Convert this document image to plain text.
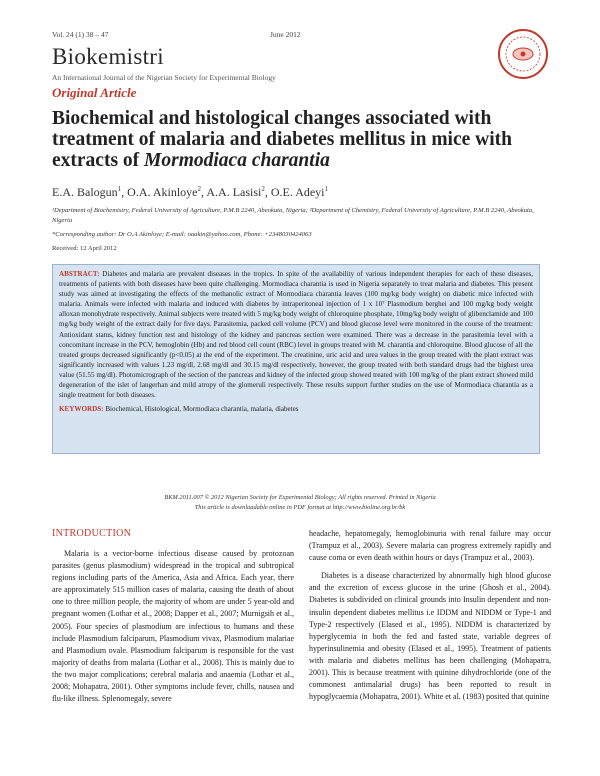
Vol. 24 (1) 38 – 47	June 2012
Biokemistri
An International Journal of the Nigerian Society for Experimental Biology
Original Article
Biochemical and histological changes associated with treatment of malaria and diabetes mellitus in mice with extracts of Mormodiaca charantia
E.A. Balogun$^1$, O.A. Akinloye$^2$, A.A. Lasisi$^2$, O.E. Adeyi$^1$
¹Department of Biochemistry, Federal University of Agriculture, P.M.B 2240, Abeokuta, Nigeria; ²Department of Chemistry, Federal University of Agriculture, P.M.B 2240, Abeokuta, Nigeria
*Corresponding author: Dr O.A Akinloye; E-mail: oaakin@yahoo.com, Phone: +2348030424063
Received: 12 April 2012
ABSTRACT: Diabetes and malaria are prevalent diseases in the tropics. In spite of the availability of various independent therapies for each of these diseases, treatments of patients with both diseases have been quite challenging. Mormodiaca charantia is used in Nigeria separately to treat malaria and diabetes. This present study was aimed at investigating the effects of the methanolic extract of Mormodiaca charantia leaves (100 mg/kg body weight) on diabetic mice infected with malaria. Animals were infected with malaria and induced with diabetes by intraperitoneal injection of 1 x 10⁷ Plasmodium berghei and 100 mg/kg body weight alloxan monohydrate respectively. Animal subjects were treated with 5 mg/kg body weight of chloroquine phosphate, 10mg/kg body weight of glibenclamide and 100 mg/kg body weight of the extract daily for five days. Parasitemia, packed cell volume (PCV) and blood glucose level were monitored in the course of the treatment: Antioxidant status, kidney function test and histology of the kidney and pancreas section were examined. There was a decrease in the parasitemia level with a concomitant increase in the PCV, hemoglobin (Hb) and red blood cell count (RBC) level in groups treated with M. charantia and chloroquine. Blood glucose of all the treated groups decreased significantly (p<0.05) at the end of the experiment. The creatinine, uric acid and urea values in the group treated with the plant extract was significantly increased with values 1.23 mg/dl, 2.68 mg/dl and 30.15 mg/dl respectively, however, the group treated with both standard drugs had the highest urea value (51.55 mg/dl). Photomicrograph of the section of the pancreas and kidney of the infected group showed treated with 100 mg/kg of the plant extract showed mild degeneration of the islet of langerhan and mild atropy of the glomeruli respectively. These results support further studies on the use of Mormodiaca charantia as a single treatment for both diseases.
KEYWORDS: Biochemical, Histological, Mormodiaca charantia, malaria, diabetes
BKM.2011.007 © 2012 Nigerian Society for Experimental Biology; All rights reserved. Printed in Nigeria
This article is downloadable online in PDF format at http://www.bioline.org.br/bk
INTRODUCTION
Malaria is a vector-borne infectious disease caused by protozoan parasites (genus plasmodium) widespread in the tropical and subtropical regions including parts of the America, Asia and Africa. Each year, there are approximately 515 million cases of malaria, causing the death of about one to three million people, the majority of whom are under 5 year-old and pregnant women (Lothar et al., 2008; Dapper et al., 2007; Murnigsih et al., 2005). Four species of plasmodium are infectious to humans and these include Plasmodium falciparum, Plasmodium vivax, Plasmodium malariae and Plasmodium ovale. Plasmodium falciparum is responsible for the vast majority of deaths from malaria (Lothar et al., 2008). This is mainly due to the two major complications; cerebral malaria and anaemia (Lothar et al., 2008; Mohapatra, 2001). Other symptoms include fever, chills, nausea and flu-like illness. Splenomegaly, severe

headache, hepatomegaly, hemoglobinuria with renal failure may occur (Trampuz et al., 2003). Severe malaria can progress extremely rapidly and cause coma or even death within hours or days (Trampuz et al., 2003).

Diabetes is a disease characterized by abnormally high blood glucose and the excretion of excess glucose in the urine (Ghosh et al., 2004). Diabetes is subdivided on clinical grounds into Insulin dependent and non-insulin dependent diabetes mellitus i.e IDDM and NIDDM or Type-1 and Type-2 respectively (Elased et al., 1995). NIDDM is characterized by hyperglycemia in both the fed and fasted state, variable degrees of hyperinsulinemia and obesity (Elased et al., 1995). Treatment of patients with malaria and diabetes mellitus has been challenging (Mohapatra, 2001). This is because treatment with quinine dihydrochloride (one of the commonest antimalarial drugs) has been reported to result in hypoglycaemia (Mohapatra, 2001). White et al. (1983) posited that quinine
